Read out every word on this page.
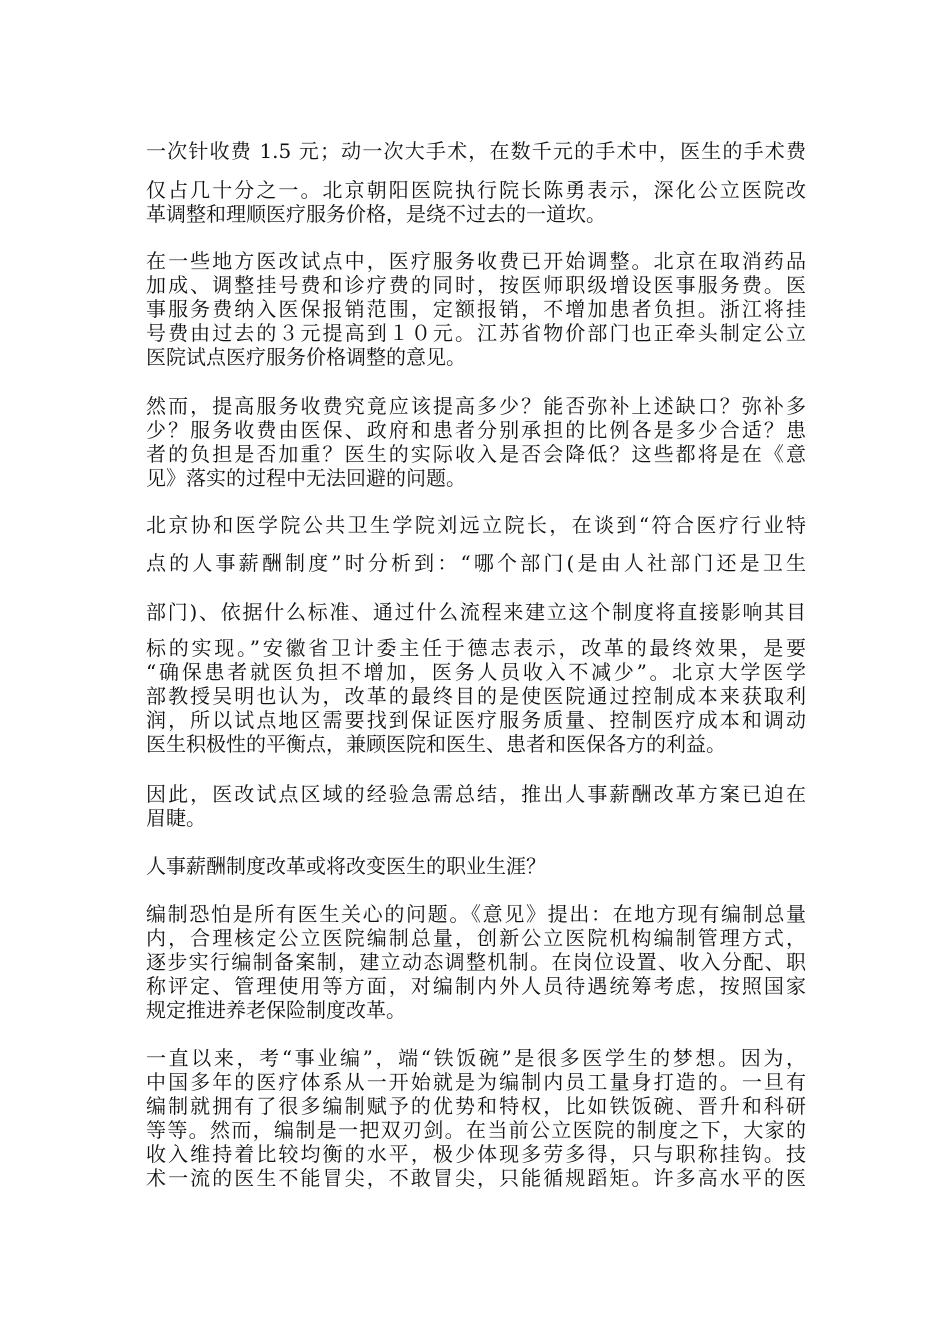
一次针收费 1.5 元；动一次大手术，在数千元的手术中，医生的手术费

仅占几十分之一。北京朝阳医院执行院长陈勇表示，深化公立医院改

革调整和理顺医疗服务价格，是绕不过去的一道坎。

在一些地方医改试点中，医疗服务收费已开始调整。北京在取消药品

加成、调整挂号费和诊疗费的同时，按医师职级增设医事服务费。医

事服务费纳入医保报销范围，定额报销，不增加患者负担。浙江将挂

号费由过去的３元提高到１０元。江苏省物价部门也正牵头制定公立

医院试点医疗服务价格调整的意见。

然而，提高服务收费究竟应该提高多少？能否弥补上述缺口？弥补多

少？服务收费由医保、政府和患者分别承担的比例各是多少合适？患

者的负担是否加重？医生的实际收入是否会降低？这些都将是在《意

见》落实的过程中无法回避的问题。

北京协和医学院公共卫生学院刘远立院长，在谈到“符合医疗行业特

点的人事薪酬制度”时分析到：“哪个部门(是由人社部门还是卫生

部门)、依据什么标准、通过什么流程来建立这个制度将直接影响其目

标的实现。”安徽省卫计委主任于德志表示，改革的最终效果，是要

“确保患者就医负担不增加，医务人员收入不减少”。北京大学医学

部教授吴明也认为，改革的最终目的是使医院通过控制成本来获取利

润，所以试点地区需要找到保证医疗服务质量、控制医疗成本和调动

医生积极性的平衡点，兼顾医院和医生、患者和医保各方的利益。

因此，医改试点区域的经验急需总结，推出人事薪酬改革方案已迫在

眉睫。

人事薪酬制度改革或将改变医生的职业生涯？

编制恐怕是所有医生关心的问题。《意见》提出：在地方现有编制总量

内，合理核定公立医院编制总量，创新公立医院机构编制管理方式，

逐步实行编制备案制，建立动态调整机制。在岗位设置、收入分配、职

称评定、管理使用等方面，对编制内外人员待遇统筹考虑，按照国家

规定推进养老保险制度改革。

一直以来，考“事业编”，端“铁饭碗”是很多医学生的梦想。因为，

中国多年的医疗体系从一开始就是为编制内员工量身打造的。一旦有

编制就拥有了很多编制赋予的优势和特权，比如铁饭碗、晋升和科研

等等。然而，编制是一把双刃剑。在当前公立医院的制度之下，大家的

收入维持着比较均衡的水平，极少体现多劳多得，只与职称挂钩。技

术一流的医生不能冒尖，不敢冒尖，只能循规蹈矩。许多高水平的医
